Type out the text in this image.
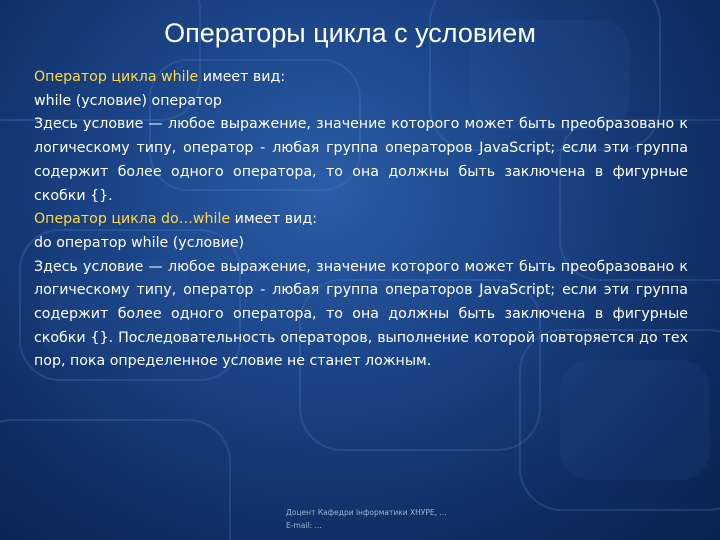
Операторы цикла с условием

Оператор цикла while имеет вид:

while (условие) оператор

Здесь условие — любое выражение, значение которого может быть преобразовано к логическому типу, оператор - любая группа операторов JavaScript; если эти группа содержит более одного оператора, то она должны быть заключена в фигурные скобки {}.

Оператор цикла do…while имеет вид:

do оператор while (условие)

Здесь условие — любое выражение, значение которого может быть преобразовано к логическому типу, оператор - любая группа операторов JavaScript; если эти группа содержит более одного оператора, то она должны быть заключена в фигурные скобки {}. Последовательность операторов, выполнение которой повторяется до тех пор, пока определенное условие не станет ложным.

Доцент Кафедри інформатики ХНУРЕ, …
E-mail: …
